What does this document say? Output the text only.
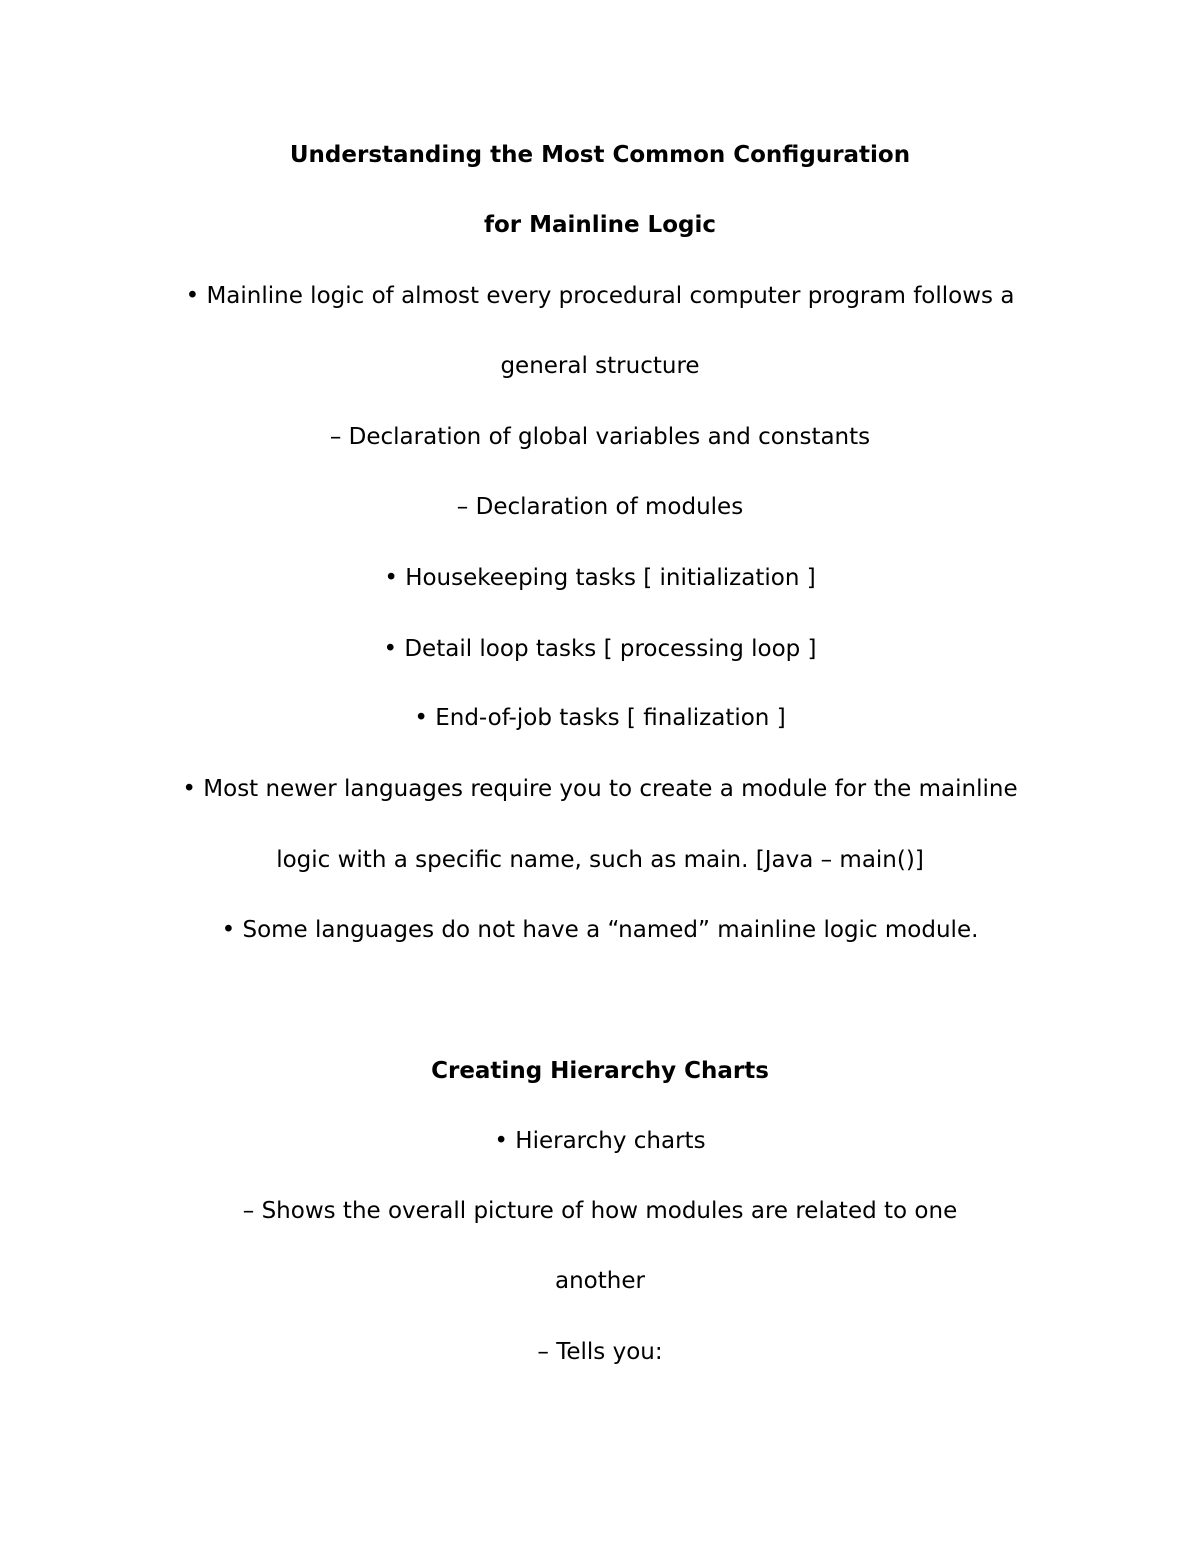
Understanding the Most Common Configuration
for Mainline Logic

• Mainline logic of almost every procedural computer program follows a

general structure

– Declaration of global variables and constants

– Declaration of modules

• Housekeeping tasks [ initialization ]

• Detail loop tasks [ processing loop ]

• End-of-job tasks [ finalization ]

• Most newer languages require you to create a module for the mainline

logic with a specific name, such as main. [Java – main()]

• Some languages do not have a “named” mainline logic module.

Creating Hierarchy Charts

• Hierarchy charts

– Shows the overall picture of how modules are related to one

another

– Tells you:
